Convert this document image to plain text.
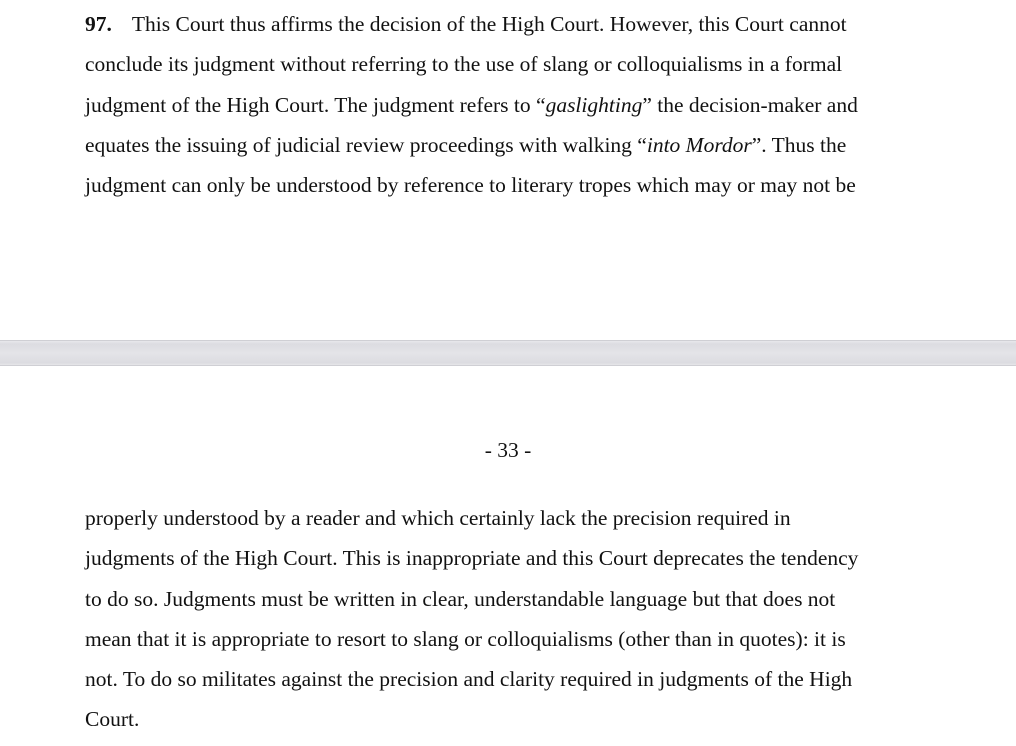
97. This Court thus affirms the decision of the High Court. However, this Court cannot
conclude its judgment without referring to the use of slang or colloquialisms in a formal
judgment of the High Court. The judgment refers to “gaslighting” the decision-maker and
equates the issuing of judicial review proceedings with walking “into Mordor”. Thus the
judgment can only be understood by reference to literary tropes which may or may not be
- 33 -
properly understood by a reader and which certainly lack the precision required in
judgments of the High Court. This is inappropriate and this Court deprecates the tendency
to do so. Judgments must be written in clear, understandable language but that does not
mean that it is appropriate to resort to slang or colloquialisms (other than in quotes): it is
not. To do so militates against the precision and clarity required in judgments of the High
Court.
